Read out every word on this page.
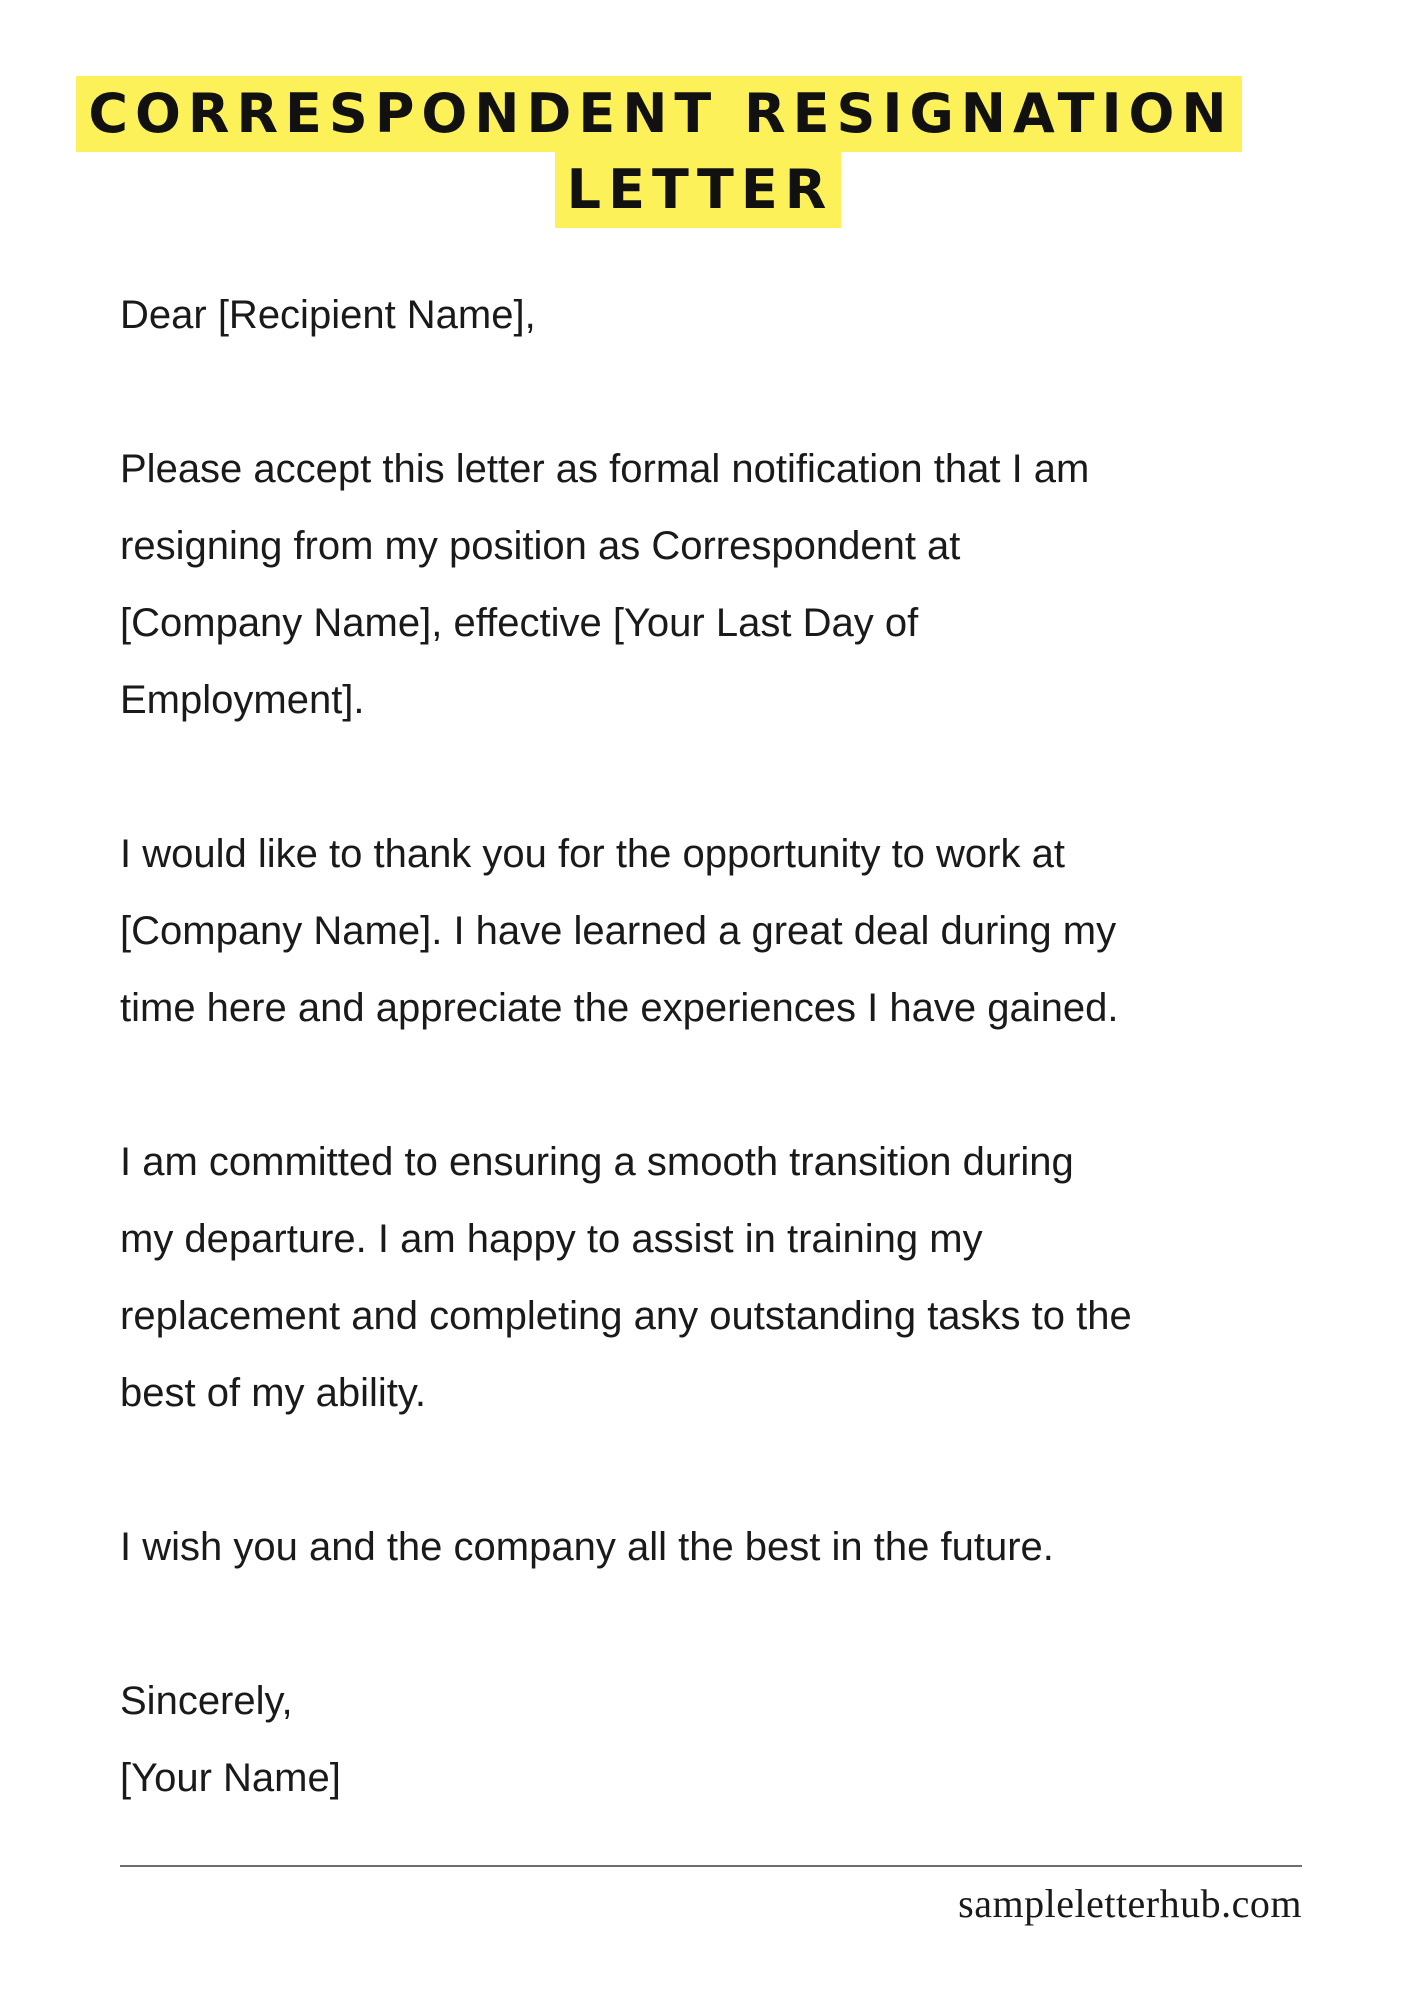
CORRESPONDENT RESIGNATION
LETTER

Dear [Recipient Name],

Please accept this letter as formal notification that I am
resigning from my position as Correspondent at
[Company Name], effective [Your Last Day of
Employment].

I would like to thank you for the opportunity to work at
[Company Name]. I have learned a great deal during my
time here and appreciate the experiences I have gained.

I am committed to ensuring a smooth transition during
my departure. I am happy to assist in training my
replacement and completing any outstanding tasks to the
best of my ability.

I wish you and the company all the best in the future.

Sincerely,
[Your Name]

sampleletterhub.com
